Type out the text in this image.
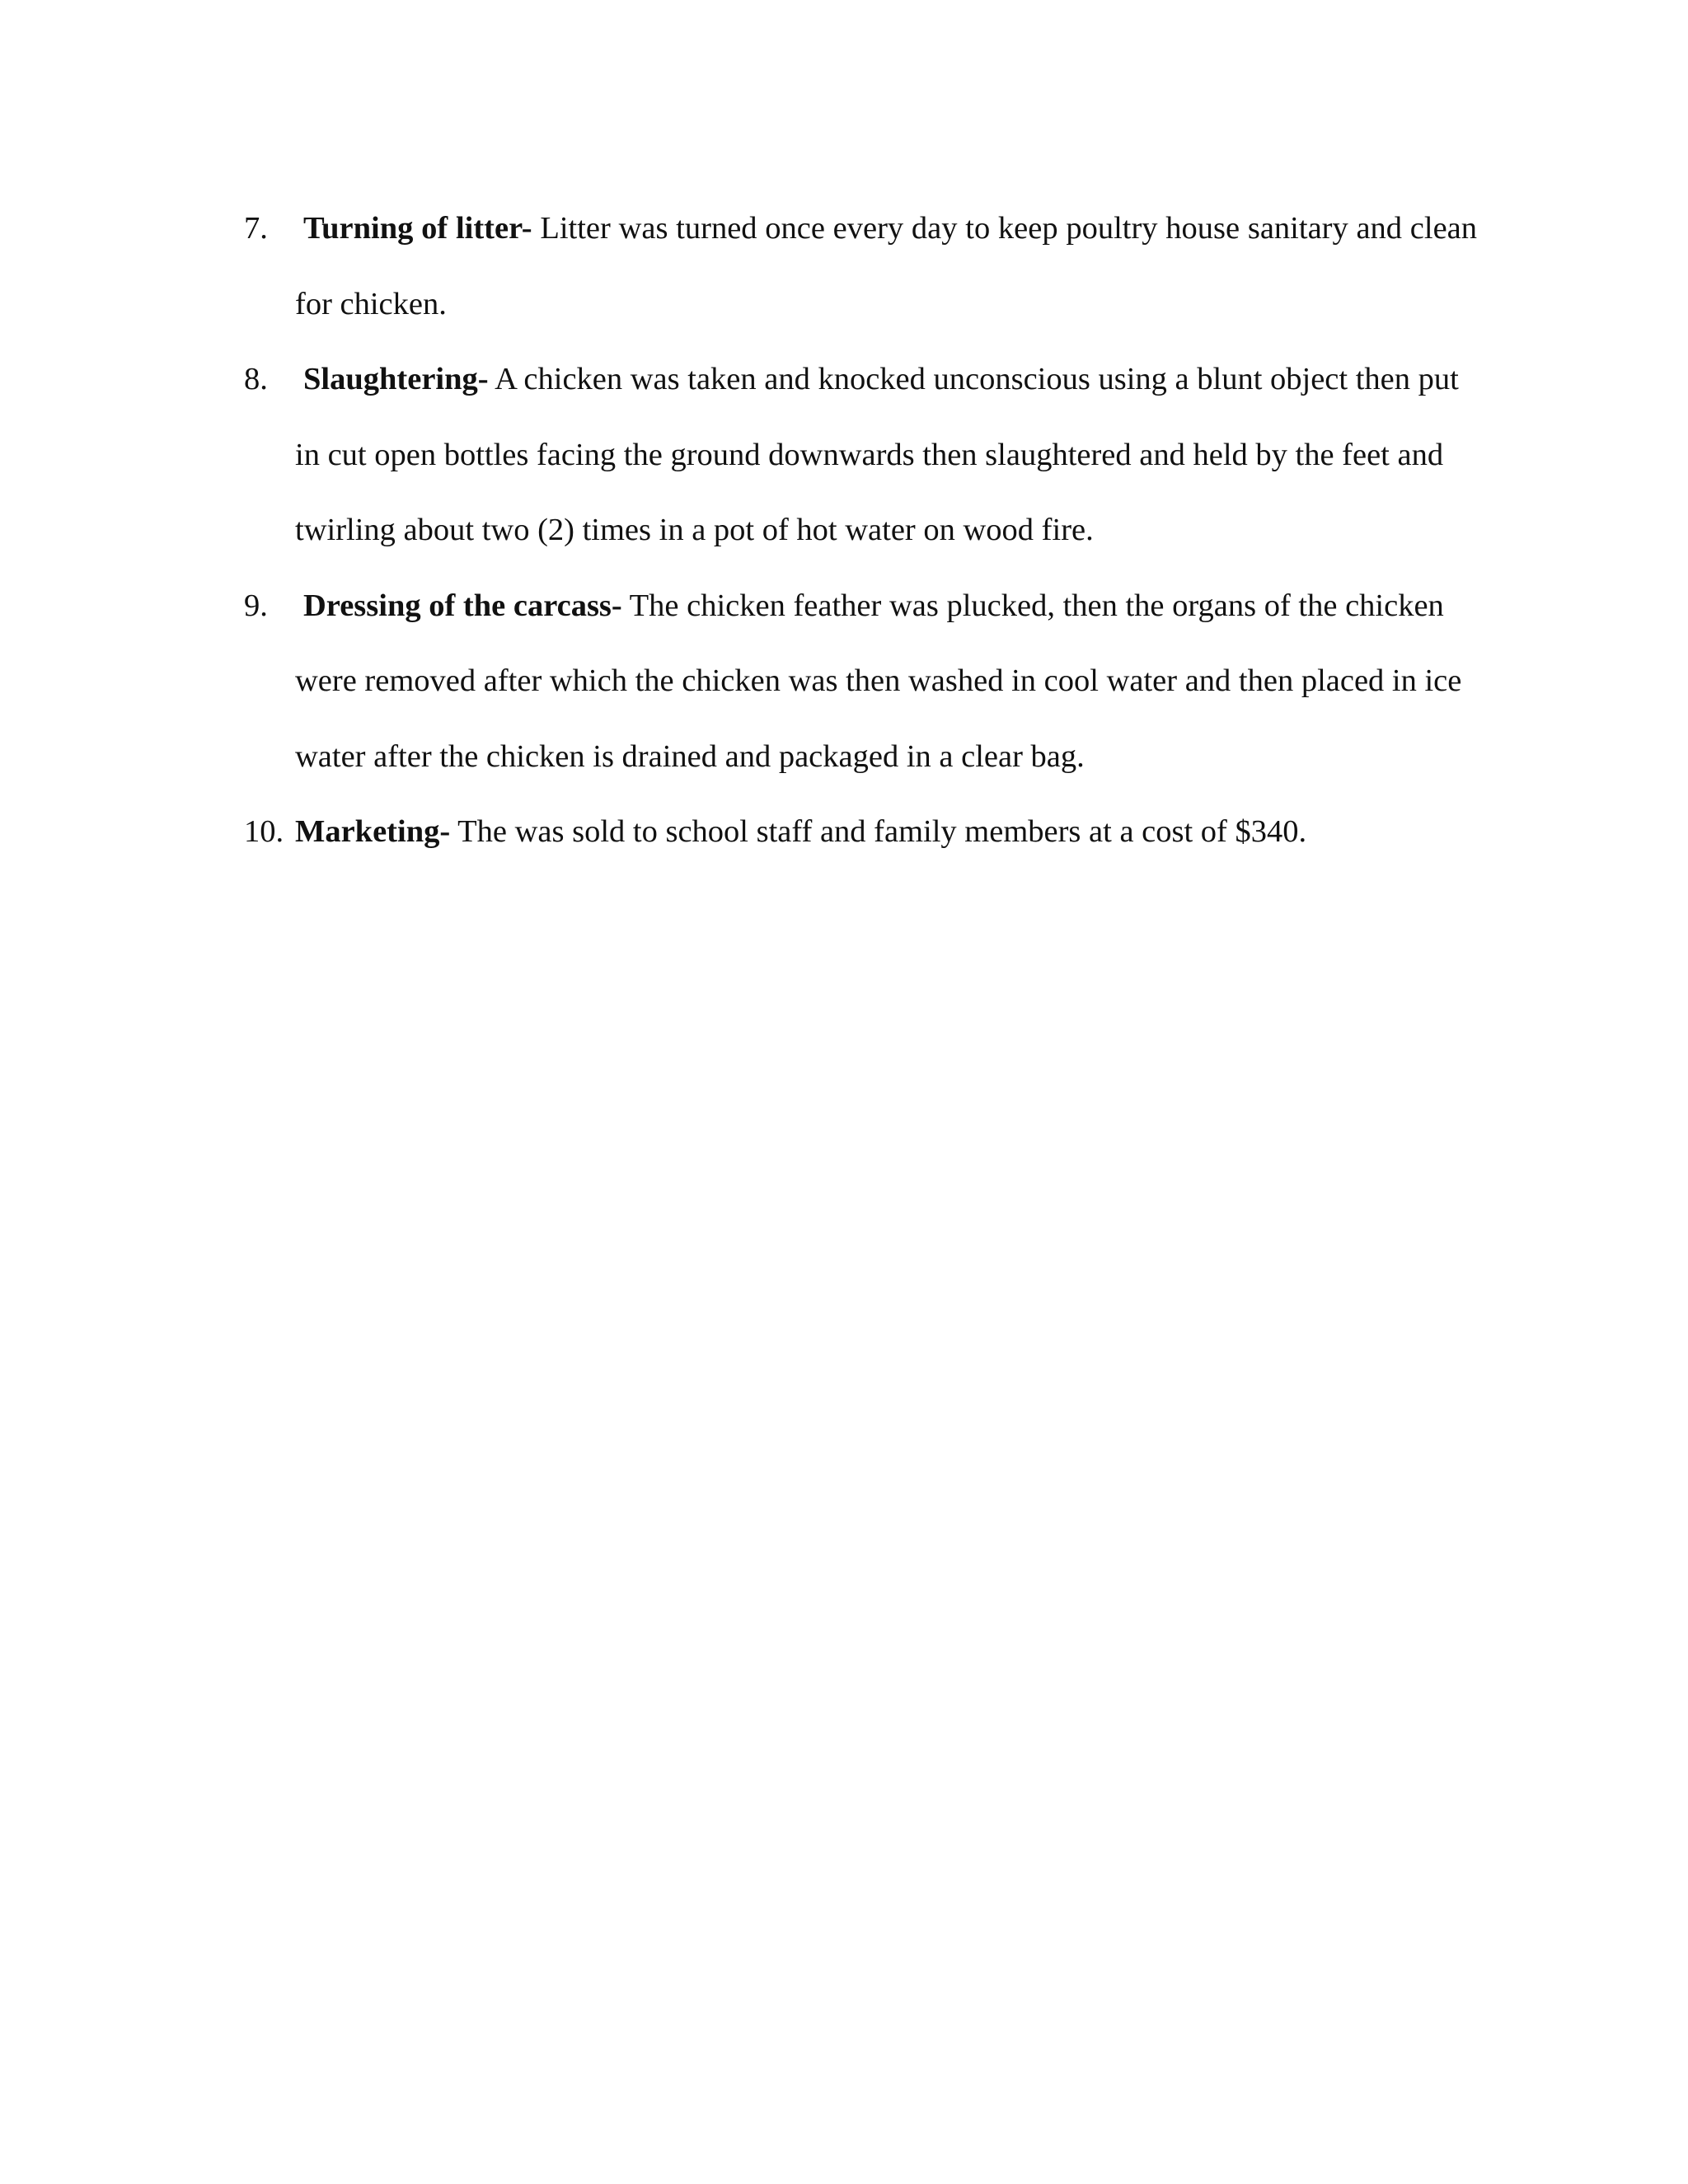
7. Turning of litter- Litter was turned once every day to keep poultry house sanitary and clean for chicken.
8. Slaughtering- A chicken was taken and knocked unconscious using a blunt object then put in cut open bottles facing the ground downwards then slaughtered and held by the feet and twirling about two (2) times in a pot of hot water on wood fire.
9. Dressing of the carcass- The chicken feather was plucked, then the organs of the chicken were removed after which the chicken was then washed in cool water and then placed in ice water after the chicken is drained and packaged in a clear bag.
10. Marketing- The was sold to school staff and family members at a cost of $340.
